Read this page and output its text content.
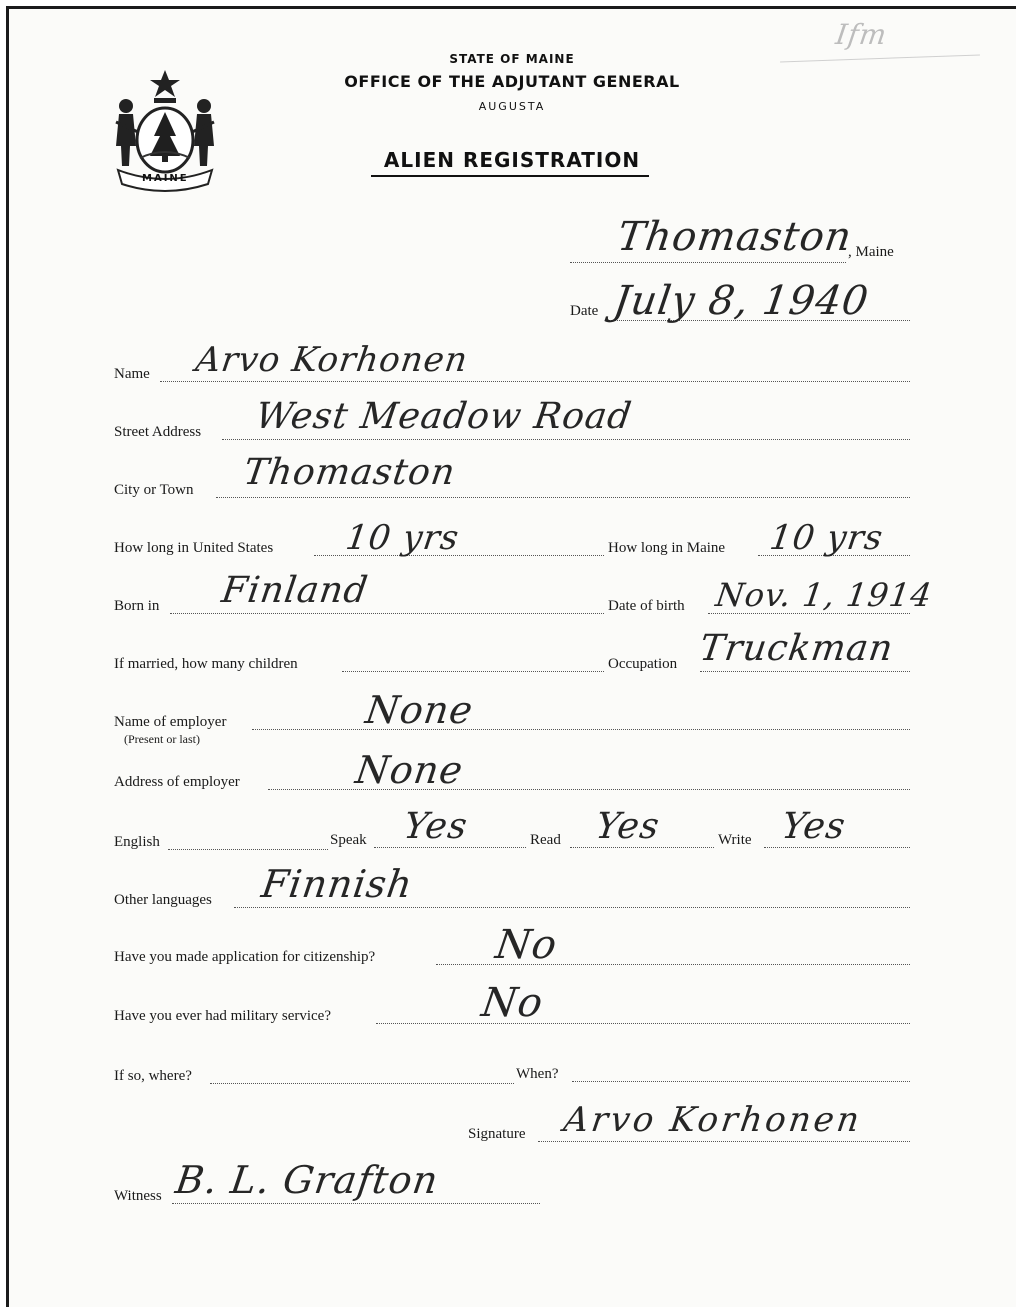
Ifm
MAINE
STATE OF MAINE
OFFICE OF THE ADJUTANT GENERAL
AUGUSTA
ALIEN REGISTRATION
Thomaston
, Maine
Date July 8, 1940
Name Arvo Korhonen
Street Address West Meadow Road
City or Town Thomaston
How long in United States 10 yrs	How long in Maine 10 yrs
Born in Finland	Date of birth Nov. 1, 1914
If married, how many children	Occupation Truckman
Name of employer
(Present or last)
None
Address of employer	None
English	Speak Yes	Read Yes	Write Yes
Other languages Finnish
Have you made application for citizenship?	No
Have you ever had military service?	No
If so, where?	When?
Signature Arvo Korhonen
Witness B. L. Grafton
